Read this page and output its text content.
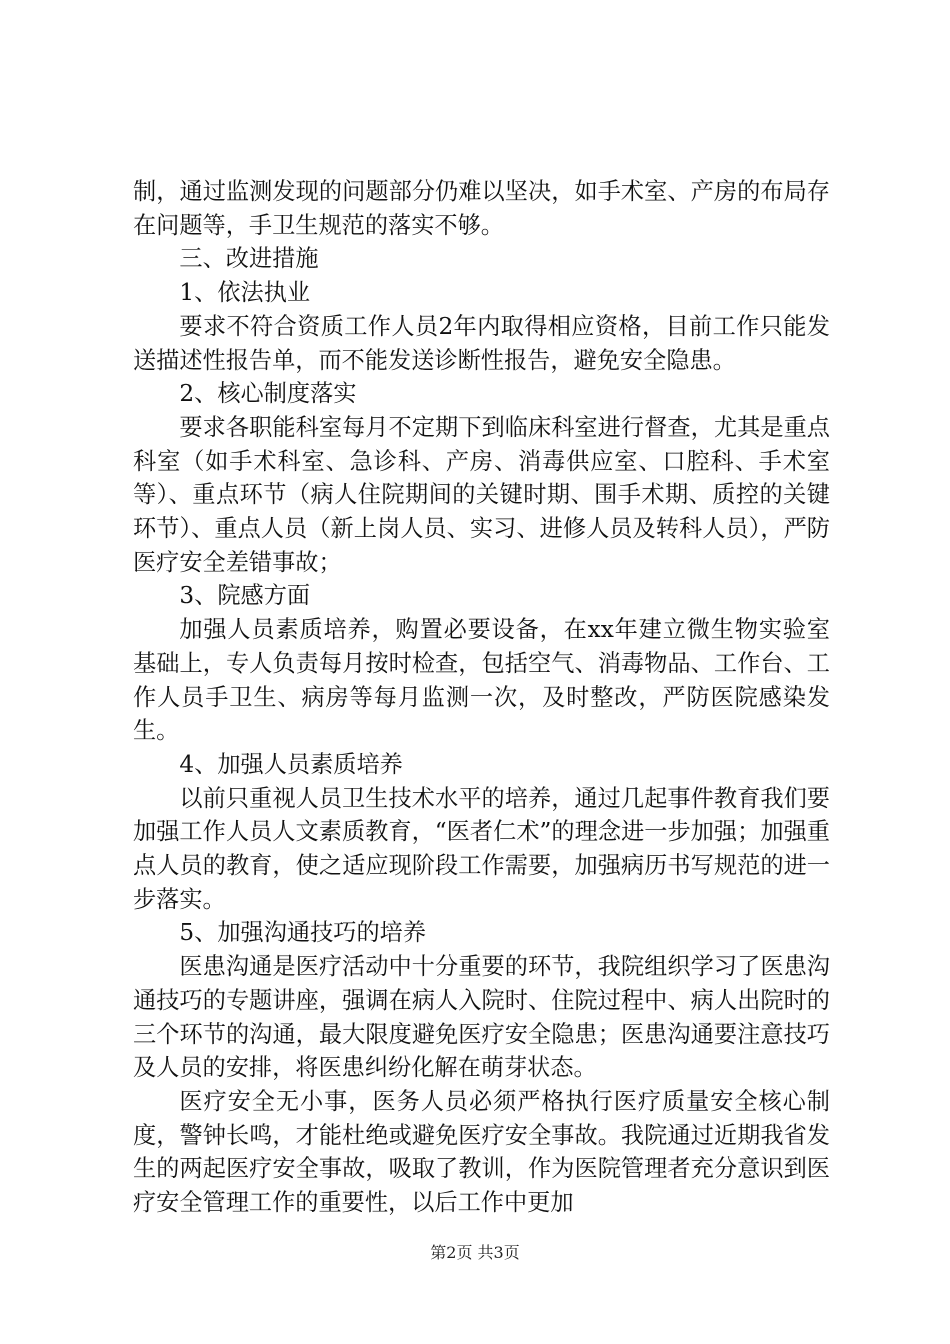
制，通过监测发现的问题部分仍难以坚决，如手术室、产房的布局存在问题等，手卫生规范的落实不够。

三、改进措施

1、依法执业

要求不符合资质工作人员2年内取得相应资格，目前工作只能发送描述性报告单，而不能发送诊断性报告，避免安全隐患。

2、核心制度落实

要求各职能科室每月不定期下到临床科室进行督查，尤其是重点科室（如手术科室、急诊科、产房、消毒供应室、口腔科、手术室等）、重点环节（病人住院期间的关键时期、围手术期、质控的关键环节）、重点人员（新上岗人员、实习、进修人员及转科人员），严防医疗安全差错事故；

3、院感方面

加强人员素质培养，购置必要设备，在xx年建立微生物实验室基础上，专人负责每月按时检查，包括空气、消毒物品、工作台、工作人员手卫生、病房等每月监测一次，及时整改，严防医院感染发生。

4、加强人员素质培养

以前只重视人员卫生技术水平的培养，通过几起事件教育我们要加强工作人员人文素质教育，“医者仁术”的理念进一步加强；加强重点人员的教育，使之适应现阶段工作需要，加强病历书写规范的进一步落实。

5、加强沟通技巧的培养

医患沟通是医疗活动中十分重要的环节，我院组织学习了医患沟通技巧的专题讲座，强调在病人入院时、住院过程中、病人出院时的三个环节的沟通，最大限度避免医疗安全隐患；医患沟通要注意技巧及人员的安排，将医患纠纷化解在萌芽状态。

医疗安全无小事，医务人员必须严格执行医疗质量安全核心制度，警钟长鸣，才能杜绝或避免医疗安全事故。我院通过近期我省发生的两起医疗安全事故，吸取了教训，作为医院管理者充分意识到医疗安全管理工作的重要性，以后工作中更加

第2页 共3页
